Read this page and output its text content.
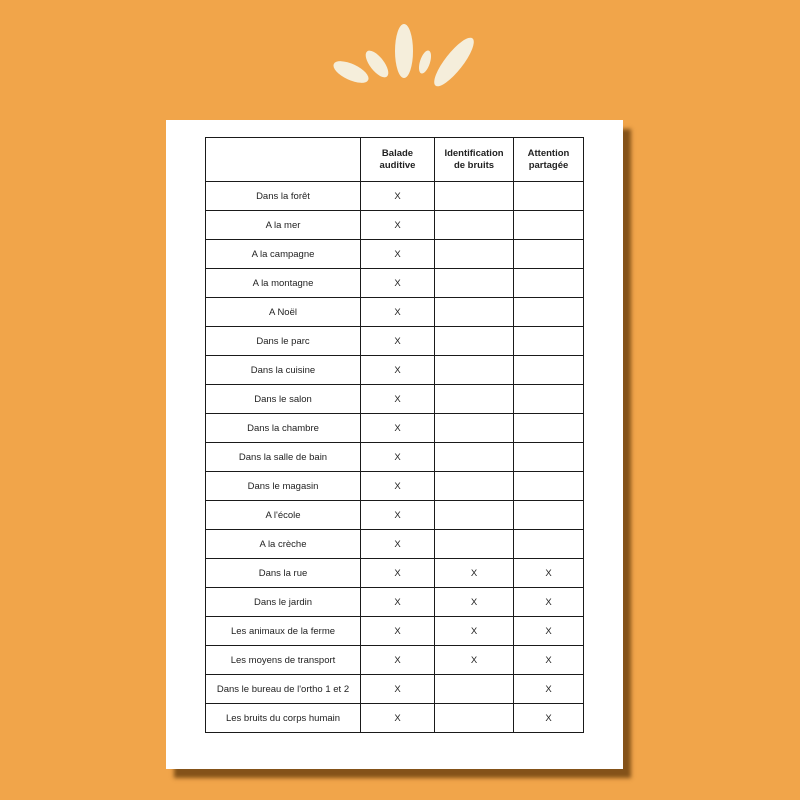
	Balade auditive	Identification de bruits	Attention partagée
Dans la forêt	X		
A la mer	X		
A la campagne	X		
A la montagne	X		
A Noël	X		
Dans le parc	X		
Dans la cuisine	X		
Dans le salon	X		
Dans la chambre	X		
Dans la salle de bain	X		
Dans le magasin	X		
A l'école	X		
A la crèche	X		
Dans la rue	X	X	X
Dans le jardin	X	X	X
Les animaux de la ferme	X	X	X
Les moyens de transport	X	X	X
Dans le bureau de l'ortho 1 et 2	X		X
Les bruits du corps humain	X		X
